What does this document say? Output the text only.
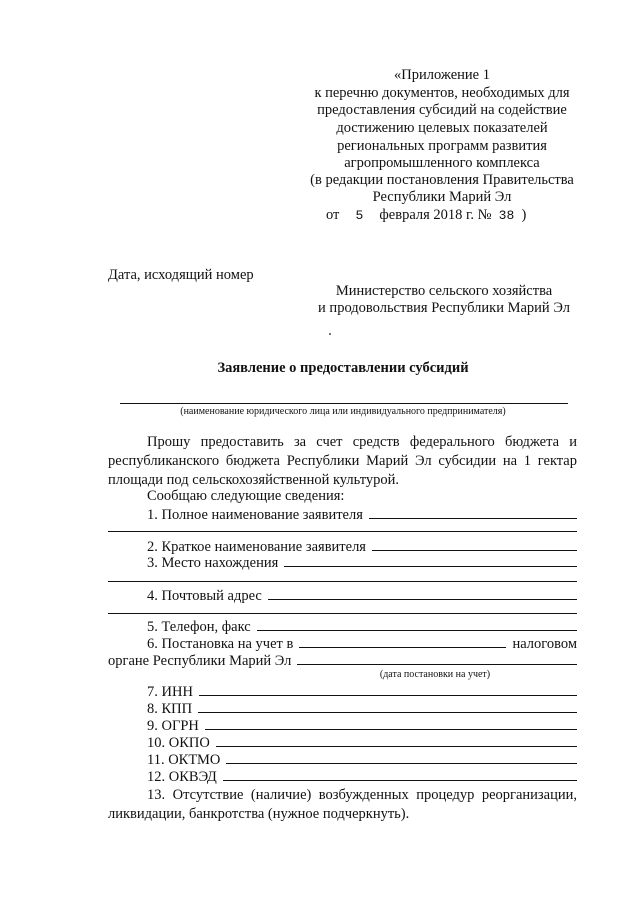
«Приложение 1
к перечню документов, необходимых для
предоставления субсидий на содействие
достижению целевых показателей
региональных программ развития
агропромышленного комплекса
(в редакции постановления Правительства
Республики Марий Эл
от 5 февраля 2018 г. № 38 )
Дата, исходящий номер
Министерство сельского хозяйства
и продовольствия Республики Марий Эл
Заявление о предоставлении субсидий
(наименование юридического лица или индивидуального предпринимателя)
Прошу предоставить за счет средств федерального бюджета и
республиканского бюджета Республики Марий Эл субсидии на 1 гектар
площади под сельскохозяйственной культурой.
Сообщаю следующие сведения:
1. Полное наименование заявителя
2. Краткое наименование заявителя
3. Место нахождения
4. Почтовый адрес
5. Телефон, факс
6. Постановка на учет в	налоговом
органе Республики Марий Эл
(дата постановки на учет)
7. ИНН
8. КПП
9. ОГРН
10. ОКПО
11. ОКТМО
12. ОКВЭД
13. Отсутствие (наличие) возбужденных процедур реорганизации,
ликвидации, банкротства (нужное подчеркнуть).
